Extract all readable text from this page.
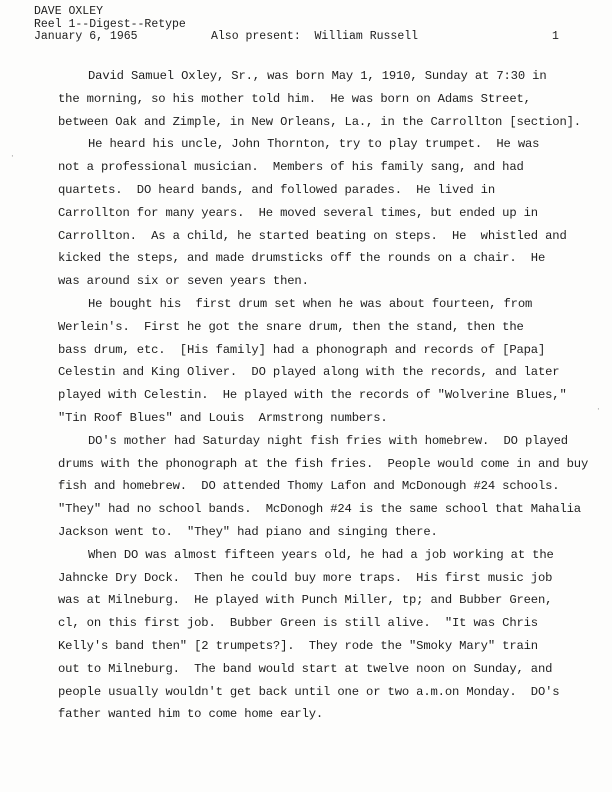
DAVE OXLEY
Reel 1--Digest--Retype
January 6, 1965	Also present:  William Russell	1
David Samuel Oxley, Sr., was born May 1, 1910, Sunday at 7:30 in
the morning, so his mother told him.  He was born on Adams Street,
between Oak and Zimple, in New Orleans, La., in the Carrollton [section].
He heard his uncle, John Thornton, try to play trumpet.  He was
not a professional musician.  Members of his family sang, and had
quartets.  DO heard bands, and followed parades.  He lived in
Carrollton for many years.  He moved several times, but ended up in
Carrollton.  As a child, he started beating on steps.  He  whistled and
kicked the steps, and made drumsticks off the rounds on a chair.  He
was around six or seven years then.
He bought his  first drum set when he was about fourteen, from
Werlein's.  First he got the snare drum, then the stand, then the
bass drum, etc.  [His family] had a phonograph and records of [Papa]
Celestin and King Oliver.  DO played along with the records, and later
played with Celestin.  He played with the records of "Wolverine Blues,"
"Tin Roof Blues" and Louis  Armstrong numbers.
DO's mother had Saturday night fish fries with homebrew.  DO played
drums with the phonograph at the fish fries.  People would come in and buy
fish and homebrew.  DO attended Thomy Lafon and McDonough #24 schools.
"They" had no school bands.  McDonogh #24 is the same school that Mahalia
Jackson went to.  "They" had piano and singing there.
When DO was almost fifteen years old, he had a job working at the
Jahncke Dry Dock.  Then he could buy more traps.  His first music job
was at Milneburg.  He played with Punch Miller, tp; and Bubber Green,
cl, on this first job.  Bubber Green is still alive.  "It was Chris
Kelly's band then" [2 trumpets?].  They rode the "Smoky Mary" train
out to Milneburg.  The band would start at twelve noon on Sunday, and
people usually wouldn't get back until one or two a.m.on Monday.  DO's
father wanted him to come home early.
·
·
